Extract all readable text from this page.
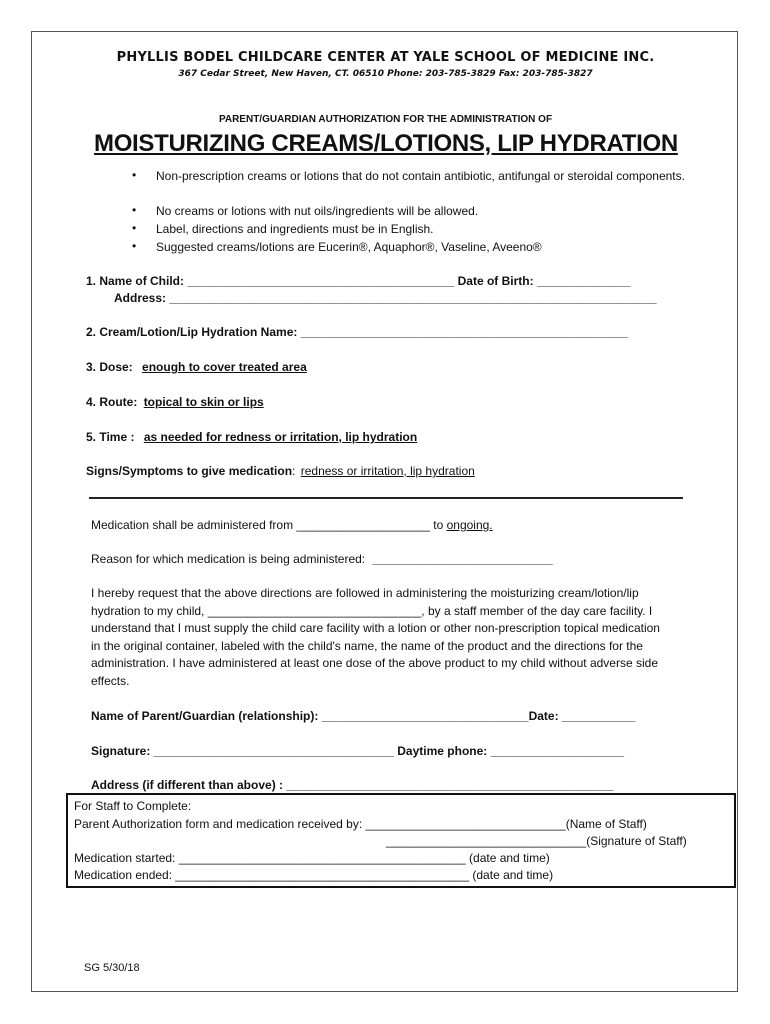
PHYLLIS BODEL CHILDCARE CENTER AT YALE SCHOOL OF MEDICINE INC.
367 Cedar Street, New Haven, CT. 06510 Phone: 203-785-3829 Fax: 203-785-3827
PARENT/GUARDIAN AUTHORIZATION FOR THE ADMINISTRATION OF
MOISTURIZING CREAMS/LOTIONS, LIP HYDRATION
• Non-prescription creams or lotions that do not contain antibiotic, antifungal or steroidal components.
• No creams or lotions with nut oils/ingredients will be allowed.
• Label, directions and ingredients must be in English.
• Suggested creams/lotions are Eucerin®, Aquaphor®, Vaseline, Aveeno®
1. Name of Child: ________________________________________ Date of Birth: ______________
Address: _________________________________________________________________________
2. Cream/Lotion/Lip Hydration Name: _________________________________________________
3. Dose: enough to cover treated area
4. Route: topical to skin or lips
5. Time : as needed for redness or irritation, lip hydration
Signs/Symptoms to give medication: redness or irritation, lip hydration
Medication shall be administered from ____________________ to ongoing.
Reason for which medication is being administered: ___________________________
I hereby request that the above directions are followed in administering the moisturizing cream/lotion/lip hydration to my child, ________________________________, by a staff member of the day care facility. I understand that I must supply the child care facility with a lotion or other non-prescription topical medication in the original container, labeled with the child's name, the name of the product and the directions for the administration. I have administered at least one dose of the above product to my child without adverse side effects.
Name of Parent/Guardian (relationship): _______________________________Date: ___________
Signature: ____________________________________ Daytime phone: ____________________
Address (if different than above) : _________________________________________________
For Staff to Complete:
Parent Authorization form and medication received by: ______________________________(Name of Staff)
______________________________(Signature of Staff)
Medication started: ___________________________________________ (date and time)
Medication ended: ____________________________________________ (date and time)
SG 5/30/18
